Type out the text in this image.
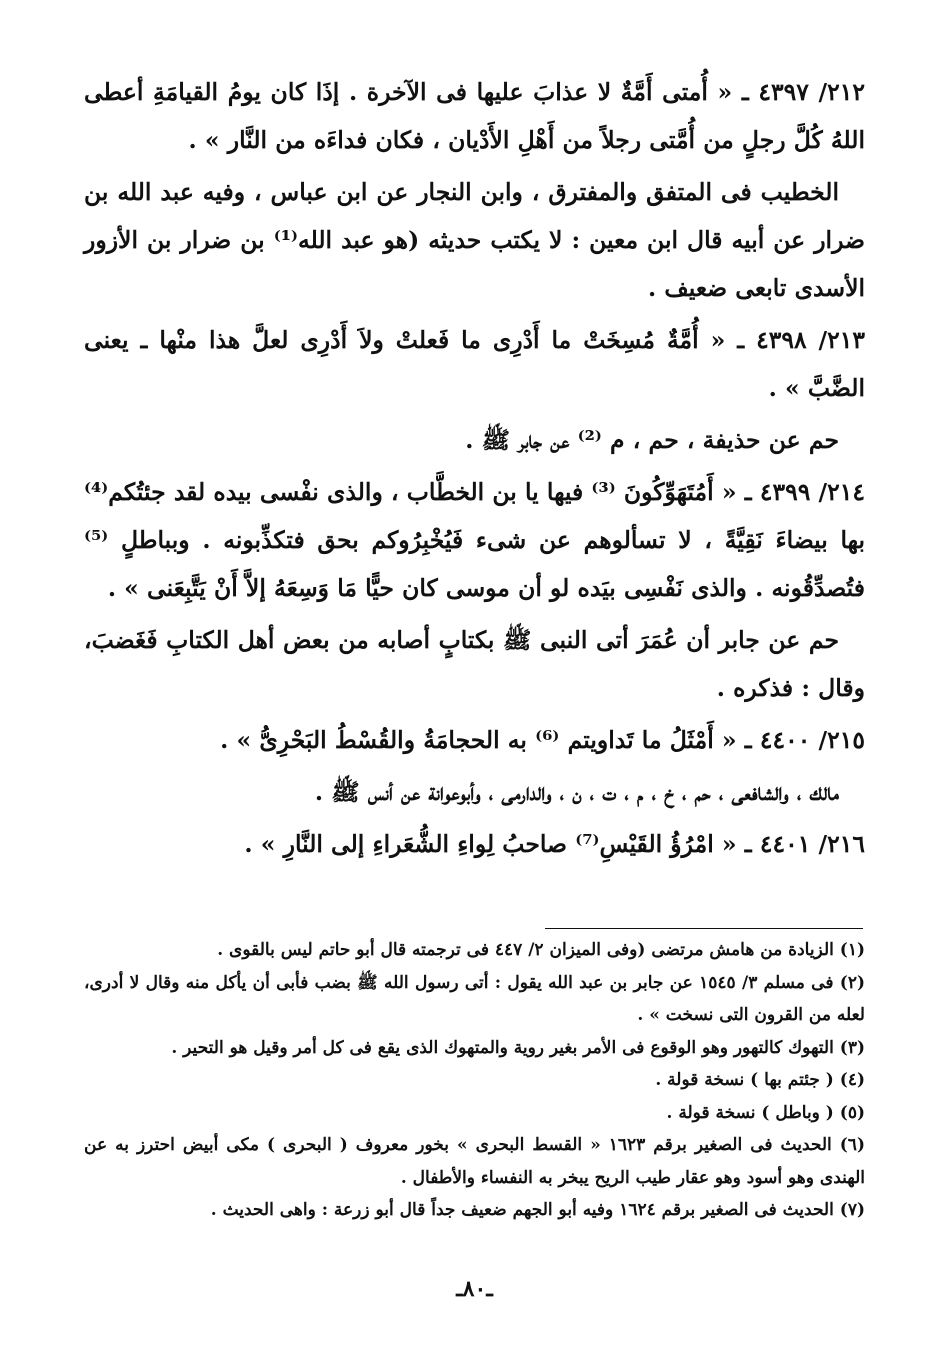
٢١٢/ ٤٣٩٧ ـ « أُمتى أَمَّةٌ لا عذابَ عليها فى الآخرة . إذَا كان يومُ القيامَةِ أعطى اللهُ كُلَّ رجلٍ من أُمَّتى رجلاً من أَهْلِ الأَدْيان ، فكان فداءَه من النَّار » .

الخطيب فى المتفق والمفترق ، وابن النجار عن ابن عباس ، وفيه عبد الله بن ضرار عن أبيه قال ابن معين : لا يكتب حديثه (هو عبد الله⁽¹⁾ بن ضرار بن الأزور الأسدى تابعى ضعيف .

٢١٣/ ٤٣٩٨ ـ « أُمَّةٌ مُسِخَتْ ما أَدْرِى ما فَعلتْ ولاَ أَدْرِى لعلَّ هذا منْها ـ يعنى الضَّبَّ » .

حم عن حذيفة ، حم ، م ⁽²⁾ عن جابر ﷺ .

٢١٤/ ٤٣٩٩ ـ « أَمُتَهَوِّكُونَ ⁽³⁾ فيها يا بن الخطَّاب ، والذى نفْسى بيده لقد جئتُكم⁽⁴⁾ بها بيضاءَ نَقِيَّةً ، لا تسألوهم عن شىء فَيُخْبِرُوكم بحق فتكذِّبونه . وبباطلٍ ⁽⁵⁾ فتُصدِّقُونه . والذى نَفْسِى بيَده لو أن موسى كان حيًّا مَا وَسِعَهُ إلاَّ أَنْ يَتَّبِعَنى » .

حم عن جابر أن عُمَرَ أتى النبى ﷺ بكتابٍ أصابه من بعض أهل الكتابِ فَغَضبَ، وقال : فذكره .

٢١٥/ ٤٤٠٠ ـ « أَمْثَلُ ما تَداويتم ⁽⁶⁾ به الحجامَةُ والقُسْطُ البَحْرِىُّ » .

مالك ، والشافعى ، حم ، خ ، م ، ت ، ن ، والدارمى ، وأبوعوانة عن أنس ﷺ .

٢١٦/ ٤٤٠١ ـ « امْرُؤُ القَيْسِ⁽⁷⁾ صاحبُ لِواءِ الشُّعَراءِ إلى النَّارِ » .

(١) الزيادة من هامش مرتضى (وفى الميزان ٢/ ٤٤٧ فى ترجمته قال أبو حاتم ليس بالقوى .

(٢) فى مسلم ٣/ ١٥٤٥ عن جابر بن عبد الله يقول : أتى رسول الله ﷺ بضب فأبى أن يأكل منه وقال لا أدرى، لعله من القرون التى نسخت » .

(٣) التهوك كالتهور وهو الوقوع فى الأمر بغير روية والمتهوك الذى يقع فى كل أمر وقيل هو التحير .

(٤) ( جئتم بها ) نسخة قولة .

(٥) ( وباطل ) نسخة قولة .

(٦) الحديث فى الصغير برقم ١٦٢٣ « القسط البحرى » بخور معروف ( البحرى ) مكى أبيض احترز به عن الهندى وهو أسود وهو عقار طيب الريح يبخر به النفساء والأطفال .

(٧) الحديث فى الصغير برقم ١٦٢٤ وفيه أبو الجهم ضعيف جداً قال أبو زرعة : واهى الحديث .

ـ٨٠ـ
